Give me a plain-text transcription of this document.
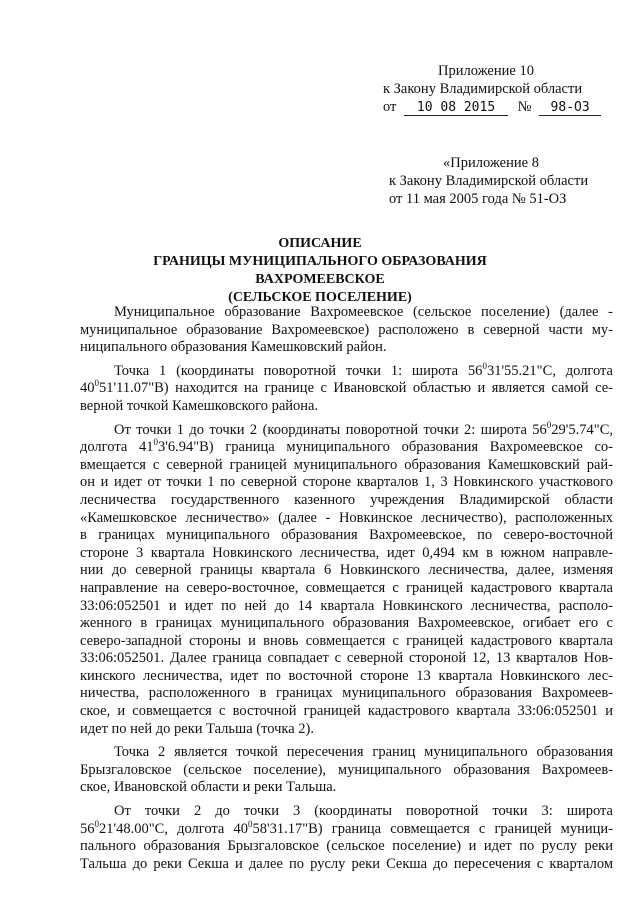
Приложение 10
к Закону Владимирской области
от 10 08 2015 № 98-ОЗ
«Приложение 8
к Закону Владимирской области
от 11 мая 2005 года № 51-ОЗ
ОПИСАНИЕ
ГРАНИЦЫ МУНИЦИПАЛЬНОГО ОБРАЗОВАНИЯ ВАХРОМЕЕВСКОЕ
(СЕЛЬСКОЕ ПОСЕЛЕНИЕ)

Муниципальное образование Вахромеевское (сельское поселение) (далее -
муниципальное образование Вахромеевское) расположено в северной части му-
ниципального образования Камешковский район.

Точка 1 (координаты поворотной точки 1: широта $56^031'55.21"С$, долгота
$40^051'11.07"В$) находится на границе с Ивановской областью и является самой се-
верной точкой Камешковского района.

От точки 1 до точки 2 (координаты поворотной точки 2: широта $56^029'5.74"С$,
долгота $41^03'6.94"В$) граница муниципального образования Вахромеевское со-
вмещается с северной границей муниципального образования Камешковский рай-
он и идет от точки 1 по северной стороне кварталов 1, 3 Новкинского участкового
лесничества государственного казенного учреждения Владимирской области
«Камешковское лесничество» (далее - Новкинское лесничество), расположенных
в границах муниципального образования Вахромеевское, по северо-восточной
стороне 3 квартала Новкинского лесничества, идет 0,494 км в южном направле-
нии до северной границы квартала 6 Новкинского лесничества, далее, изменяя
направление на северо-восточное, совмещается с границей кадастрового квартала
33:06:052501 и идет по ней до 14 квартала Новкинского лесничества, располо-
женного в границах муниципального образования Вахромеевское, огибает его с
северо-западной стороны и вновь совмещается с границей кадастрового квартала
33:06:052501. Далее граница совпадает с северной стороной 12, 13 кварталов Нов-
кинского лесничества, идет по восточной стороне 13 квартала Новкинского лес-
ничества, расположенного в границах муниципального образования Вахромеев-
ское, и совмещается с восточной границей кадастрового квартала 33:06:052501 и
идет по ней до реки Тальша (точка 2).

Точка 2 является точкой пересечения границ муниципального образования
Брызгаловское (сельское поселение), муниципального образования Вахромеев-
ское, Ивановской области и реки Тальша.

От точки 2 до точки 3 (координаты поворотной точки 3: широта
$56^021'48.00"С$, долгота $40^058'31.17"В$) граница совмещается с границей муници-
пального образования Брызгаловское (сельское поселение) и идет по руслу реки
Тальша до реки Секша и далее по руслу реки Секша до пересечения с кварталом
